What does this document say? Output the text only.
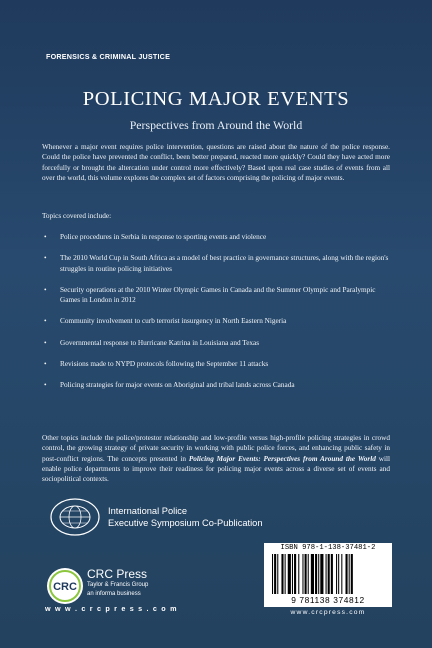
FORENSICS & CRIMINAL JUSTICE
POLICING MAJOR EVENTS
Perspectives from Around the World

Whenever a major event requires police intervention, questions are raised about the nature of the police response. Could the police have prevented the conflict, been better prepared, reacted more quickly? Could they have acted more forcefully or brought the altercation under control more effectively? Based upon real case studies of events from all over the world, this volume explores the complex set of factors comprising the policing of major events.

Topics covered include:
• Police procedures in Serbia in response to sporting events and violence
• The 2010 World Cup in South Africa as a model of best practice in governance structures, along with the region's struggles in routine policing initiatives
• Security operations at the 2010 Winter Olympic Games in Canada and the Summer Olympic and Paralympic Games in London in 2012
• Community involvement to curb terrorist insurgency in North Eastern Nigeria
• Governmental response to Hurricane Katrina in Louisiana and Texas
• Revisions made to NYPD protocols following the September 11 attacks
• Policing strategies for major events on Aboriginal and tribal lands across Canada
Other topics include the police/protestor relationship and low-profile versus high-profile policing strategies in crowd control, the growing strategy of private security in working with public police forces, and enhancing public safety in post-conflict regions. The concepts presented in Policing Major Events: Perspectives from Around the World will enable police departments to improve their readiness for policing major events across a diverse set of events and sociopolitical contexts.
International Police
Executive Symposium Co-Publication
CRC
CRC Press
Taylor & Francis Group
an informa business
w w w . c r c p r e s s . c o m
ISBN 978-1-138-37481-2
9 781138 374812
www.crcpress.com
